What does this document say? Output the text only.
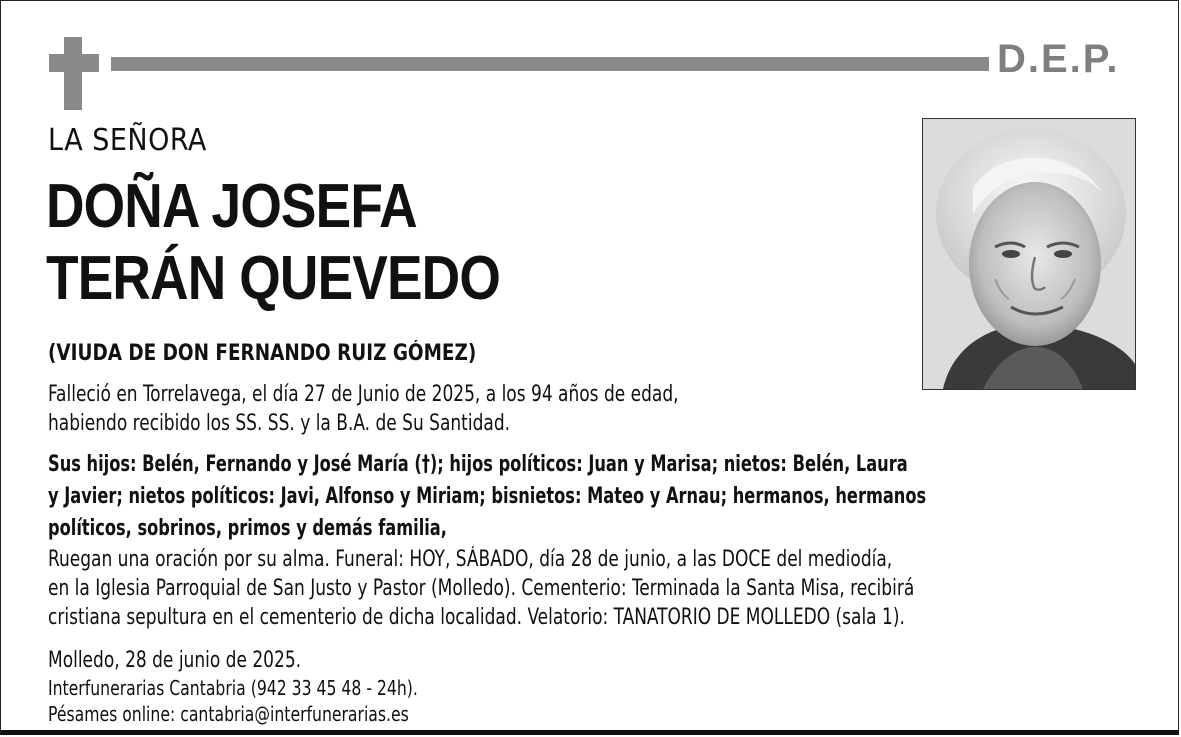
D.E.P.
LA SEÑORA
DOÑA JOSEFA
TERÁN QUEVEDO
(VIUDA DE DON FERNANDO RUIZ GÓMEZ)
Falleció en Torrelavega, el día 27 de Junio de 2025, a los 94 años de edad,
habiendo recibido los SS. SS. y la B.A. de Su Santidad.
Sus hijos: Belén, Fernando y José María (†); hijos políticos: Juan y Marisa; nietos: Belén, Laura
y Javier; nietos políticos: Javi, Alfonso y Miriam; bisnietos: Mateo y Arnau; hermanos, hermanos
políticos, sobrinos, primos y demás familia,
Ruegan una oración por su alma. Funeral: HOY, SÁBADO, día 28 de junio, a las DOCE del mediodía,
en la Iglesia Parroquial de San Justo y Pastor (Molledo). Cementerio: Terminada la Santa Misa, recibirá
cristiana sepultura en el cementerio de dicha localidad. Velatorio: TANATORIO DE MOLLEDO (sala 1).
Molledo, 28 de junio de 2025.
Interfunerarias Cantabria (942 33 45 48 - 24h).
Pésames online: cantabria@interfunerarias.es
